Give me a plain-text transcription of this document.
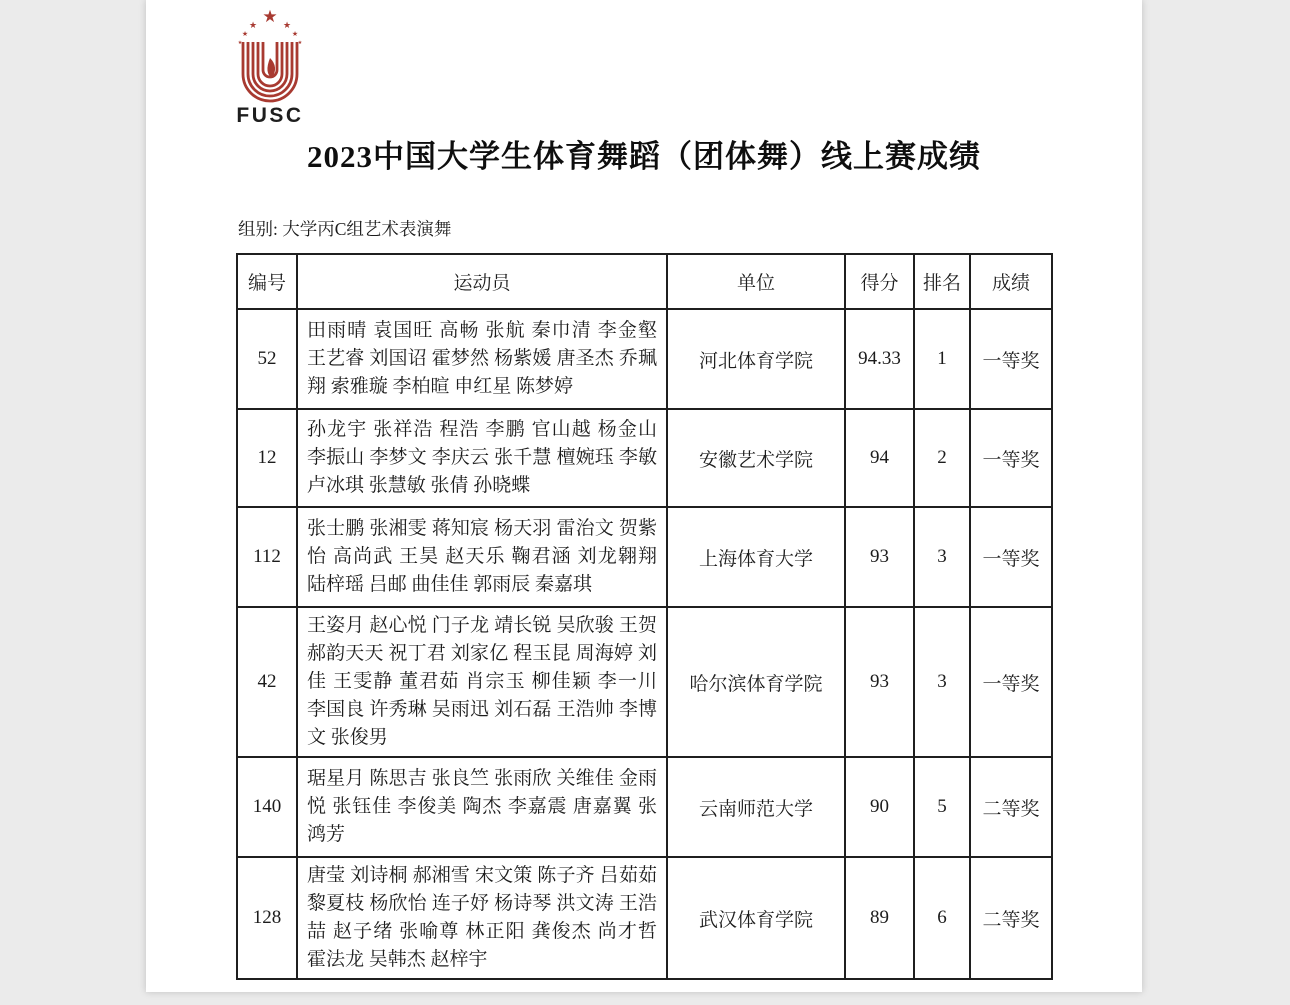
★
★	★
★	★
★	★
FUSC
2023中国大学生体育舞蹈（团体舞）线上赛成绩
组别: 大学丙C组艺术表演舞
编号	运动员	单位	得分	排名	成绩
52	田雨晴 袁国旺 高畅 张航 秦巾清 李金壑 王艺睿 刘国诏 霍梦然 杨紫媛 唐圣杰 乔珮翔 索雅璇 李柏暄 申红星 陈梦婷	河北体育学院	94.33	1	一等奖
12	孙龙宇 张祥浩 程浩 李鹏 官山越 杨金山 李振山 李梦文 李庆云 张千慧 檀婉珏 李敏 卢冰琪 张慧敏 张倩 孙晓蝶	安徽艺术学院	94	2	一等奖
112	张士鹏 张湘雯 蒋知宸 杨天羽 雷治文 贺紫怡 高尚武 王昊 赵天乐 鞠君涵 刘龙翱翔 陆梓瑶 吕邮 曲佳佳 郭雨辰 秦嘉琪	上海体育大学	93	3	一等奖
42	王姿月 赵心悦 门子龙 靖长锐 吴欣骏 王贺 郝韵天天 祝丁君 刘家亿 程玉昆 周海婷 刘佳 王雯静 董君茹 肖宗玉 柳佳颖 李一川 李国良 许秀琳 吴雨迅 刘石磊 王浩帅 李博文 张俊男	哈尔滨体育学院	93	3	一等奖
140	琚星月 陈思吉 张良竺 张雨欣 关维佳 金雨悦 张钰佳 李俊美 陶杰 李嘉震 唐嘉翼 张鸿芳	云南师范大学	90	5	二等奖
128	唐莹 刘诗桐 郝湘雪 宋文策 陈子齐 吕茹茹 黎夏枝 杨欣怡 连子妤 杨诗琴 洪文涛 王浩喆 赵子绪 张喻尊 林正阳 龚俊杰 尚才哲 霍法龙 吴韩杰 赵梓宇	武汉体育学院	89	6	二等奖
